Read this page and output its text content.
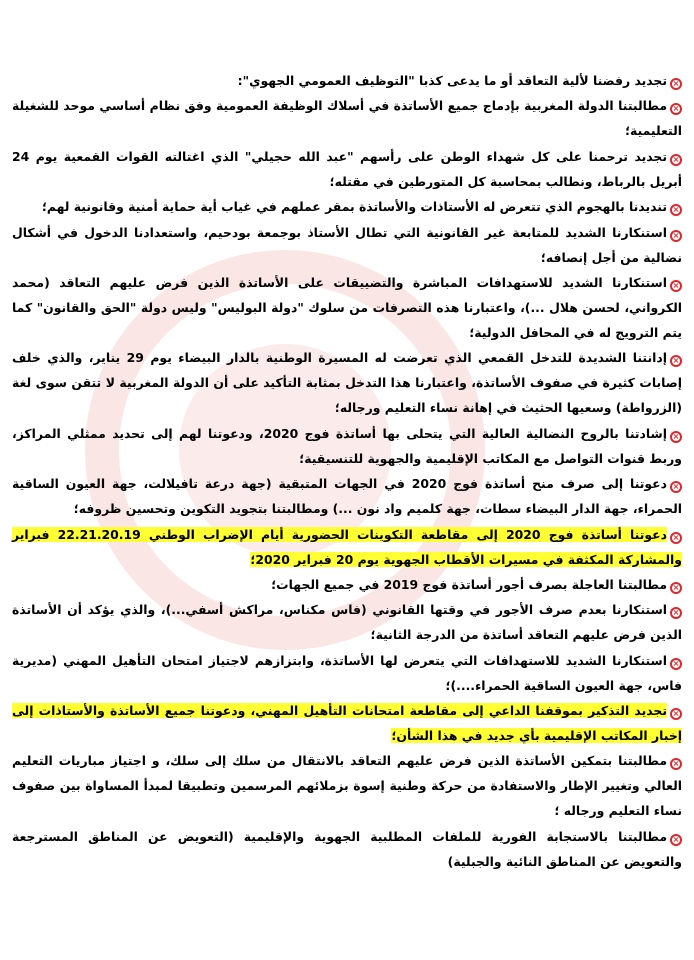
×تجديد رفضنا لألية التعاقد أو ما يدعى كذبا "التوظيف العمومي الجهوي":

×مطالبتنا الدولة المغربية بإدماج جميع الأساتذة في أسلاك الوظيفة العمومية وفق نظام أساسي موحد للشغيلة التعليمية؛

×تجديد ترحمنا على كل شهداء الوطن على رأسهم "عبد الله حجيلي" الذي اغتالته القوات القمعية يوم 24 أبريل بالرباط، ونطالب بمحاسبة كل المتورطين في مقتله؛

×تنديدنا بالهجوم الذي تتعرض له الأستاذات والأساتذة بمقر عملهم في غياب أية حماية أمنية وقانونية لهم؛

×استنكارنا الشديد للمتابعة غير القانونية التي تطال الأستاذ بوجمعة بودحيم، واستعدادنا الدخول في أشكال نضالية من أجل إنصافه؛

×استنكارنا الشديد للاستهدافات المباشرة والتضييقات على الأساتذة الذين فرض عليهم التعاقد (محمد الكرواني، لحسن هلال ...)، واعتبارنا هذه التصرفات من سلوك "دولة البوليس" وليس دولة "الحق والقانون" كما يتم الترويج له في المحافل الدولية؛

×إدانتنا الشديدة للتدخل القمعي الذي تعرضت له المسيرة الوطنية بالدار البيضاء يوم 29 يناير، والذي خلف إصابات كثيرة في صفوف الأساتذة، واعتبارنا هذا التدخل بمثابة التأكيد على أن الدولة المغربية لا تتقن سوى لغة (الزرواطة) وسعيها الحثيث في إهانة نساء التعليم ورجاله؛

×إشادتنا بالروح النضالية العالية التي يتحلى بها أساتذة فوج 2020، ودعوتنا لهم إلى تحديد ممثلي المراكز، وربط قنوات التواصل مع المكاتب الإقليمية والجهوية للتنسيقية؛

×دعوتنا إلى صرف منح أساتذة فوج 2020 في الجهات المتبقية (جهة درعة تافيلالت، جهة العيون الساقية الحمراء، جهة الدار البيضاء سطات، جهة كلميم واد نون ...) ومطالبتنا بتجويد التكوين وتحسين ظروفه؛

×دعوتنا أساتذة فوج 2020 إلى مقاطعة التكوينات الحضورية أيام الإضراب الوطني 22.21.20.19 فبراير والمشاركة المكثفة في مسيرات الأقطاب الجهوية يوم 20 فبراير 2020؛

×مطالبتنا العاجلة بصرف أجور أساتذة فوج 2019 في جميع الجهات؛

×استنكارنا بعدم صرف الأجور في وقتها القانوني (فاس مكناس، مراكش أسفي...)، والذي يؤكد أن الأساتذة الذين فرض عليهم التعاقد أساتذة من الدرجة الثانية؛

×استنكارنا الشديد للاستهدافات التي يتعرض لها الأساتذة، وابتزازهم لاجتياز امتحان التأهيل المهني (مديرية فاس، جهة العيون الساقية الحمراء....)؛

×تجديد التذكير بموقفنا الداعي إلى مقاطعة امتحانات التأهيل المهني، ودعوتنا جميع الأساتذة والأستاذات إلى إخبار المكاتب الإقليمية بأي جديد في هذا الشأن؛

×مطالبتنا بتمكين الأساتذة الذين فرض عليهم التعاقد بالانتقال من سلك إلى سلك، و اجتياز مباريات التعليم العالي وتغيير الإطار والاستفادة من حركة وطنية إسوة بزملائهم المرسمين وتطبيقا لمبدأ المساواة بين صفوف نساء التعليم ورجاله ؛

×مطالبتنا بالاستجابة الفورية للملفات المطلبية الجهوية والإقليمية (التعويض عن المناطق المسترجعة والتعويض عن المناطق النائية والجبلية)
